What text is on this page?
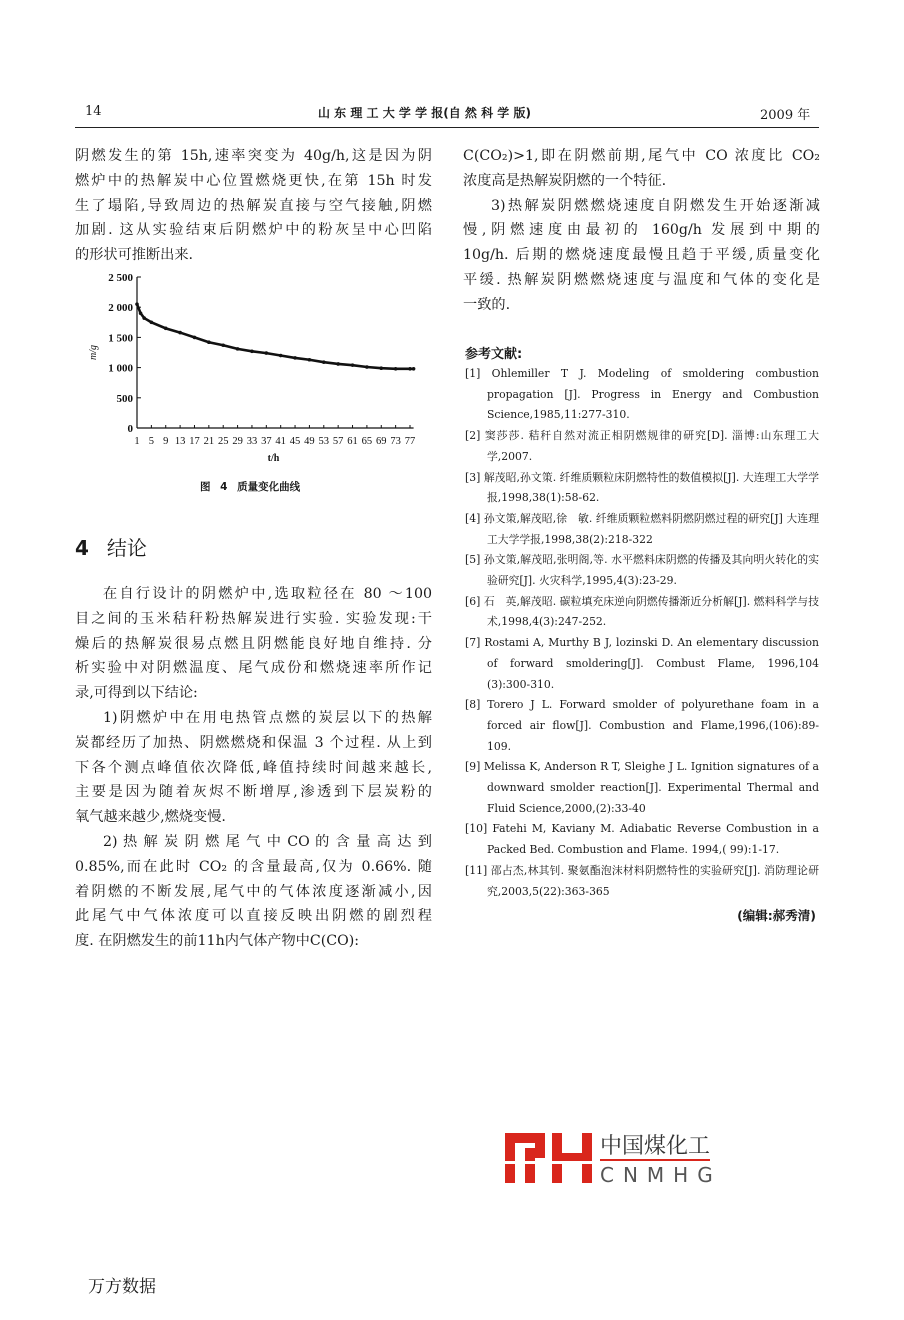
14	山 东 理 工 大 学 学 报(自 然 科 学 版)	2009 年
阴燃发生的第 15h,速率突变为 40g/h,这是因为阴
燃炉中的热解炭中心位置燃烧更快,在第 15h 时发
生了塌陷,导致周边的热解炭直接与空气接触,阴燃
加剧. 这从实验结束后阴燃炉中的粉灰呈中心凹陷
的形状可推断出来.
0
500
1 000
1 500
2 000
2 500
1 5 9 13 17 21 25 29 33 37 41 45 49 53 57 61 65 69 73 77
m/g
t/h
图 4 质量变化曲线
4 结论
在自行设计的阴燃炉中,选取粒径在 80 ～100
目之间的玉米秸秆粉热解炭进行实验. 实验发现:干
燥后的热解炭很易点燃且阴燃能良好地自维持. 分
析实验中对阴燃温度、尾气成份和燃烧速率所作记
录,可得到以下结论:
1)阴燃炉中在用电热管点燃的炭层以下的热解
炭都经历了加热、阴燃燃烧和保温 3 个过程. 从上到
下各个测点峰值依次降低,峰值持续时间越来越长,
主要是因为随着灰烬不断增厚,渗透到下层炭粉的
氧气越来越少,燃烧变慢.
2) 热 解 炭 阴 燃 尾 气 中 CO 的 含 量 高 达 到
0.85%,而在此时 CO₂ 的含量最高,仅为 0.66%. 随
着阴燃的不断发展,尾气中的气体浓度逐渐减小,因
此尾气中气体浓度可以直接反映出阴燃的剧烈程
度. 在阴燃发生的前11h内气体产物中C(CO):
C(CO₂)>1,即在阴燃前期,尾气中 CO 浓度比 CO₂
浓度高是热解炭阴燃的一个特征.
3)热解炭阴燃燃烧速度自阴燃发生开始逐渐减
慢,阴燃速度由最初的 160g/h 发展到中期的
10g/h. 后期的燃烧速度最慢且趋于平缓,质量变化
平缓. 热解炭阴燃燃烧速度与温度和气体的变化是
一致的.
参考文献:
[1] Ohlemiller T J. Modeling of smoldering combustion propagation [J]. Progress in Energy and Combustion Science,1985,11:277-310.
[2] 窦莎莎. 秸秆自然对流正相阴燃规律的研究[D]. 淄博:山东理工大学,2007.
[3] 解茂昭,孙文策. 纤维质颗粒床阴燃特性的数值模拟[J]. 大连理工大学学报,1998,38(1):58-62.
[4] 孙文策,解茂昭,徐　敏. 纤维质颗粒燃料阴燃阴燃过程的研究[J] 大连理工大学学报,1998,38(2):218-322
[5] 孙文策,解茂昭,张明阁,等. 水平燃料床阴燃的传播及其向明火转化的实验研究[J]. 火灾科学,1995,4(3):23-29.
[6] 石　英,解茂昭. 碳粒填充床逆向阴燃传播渐近分析解[J]. 燃料科学与技术,1998,4(3):247-252.
[7] Rostami A, Murthy B J, lozinski D. An elementary discussion of forward smoldering[J]. Combust Flame, 1996,104 (3):300-310.
[8] Torero J L. Forward smolder of polyurethane foam in a forced air flow[J]. Combustion and Flame,1996,(106):89-109.
[9] Melissa K, Anderson R T, Sleighe J L. Ignition signatures of a downward smolder reaction[J]. Experimental Thermal and Fluid Science,2000,(2):33-40
[10] Fatehi M, Kaviany M. Adiabatic Reverse Combustion in a Packed Bed. Combustion and Flame. 1994,( 99):1-17.
[11] 邵占杰,林其钊. 聚氨酯泡沫材料阴燃特性的实验研究[J]. 消防理论研究,2003,5(22):363-365
(编辑:郝秀清)
中国煤化工
CNMHG
万方数据
